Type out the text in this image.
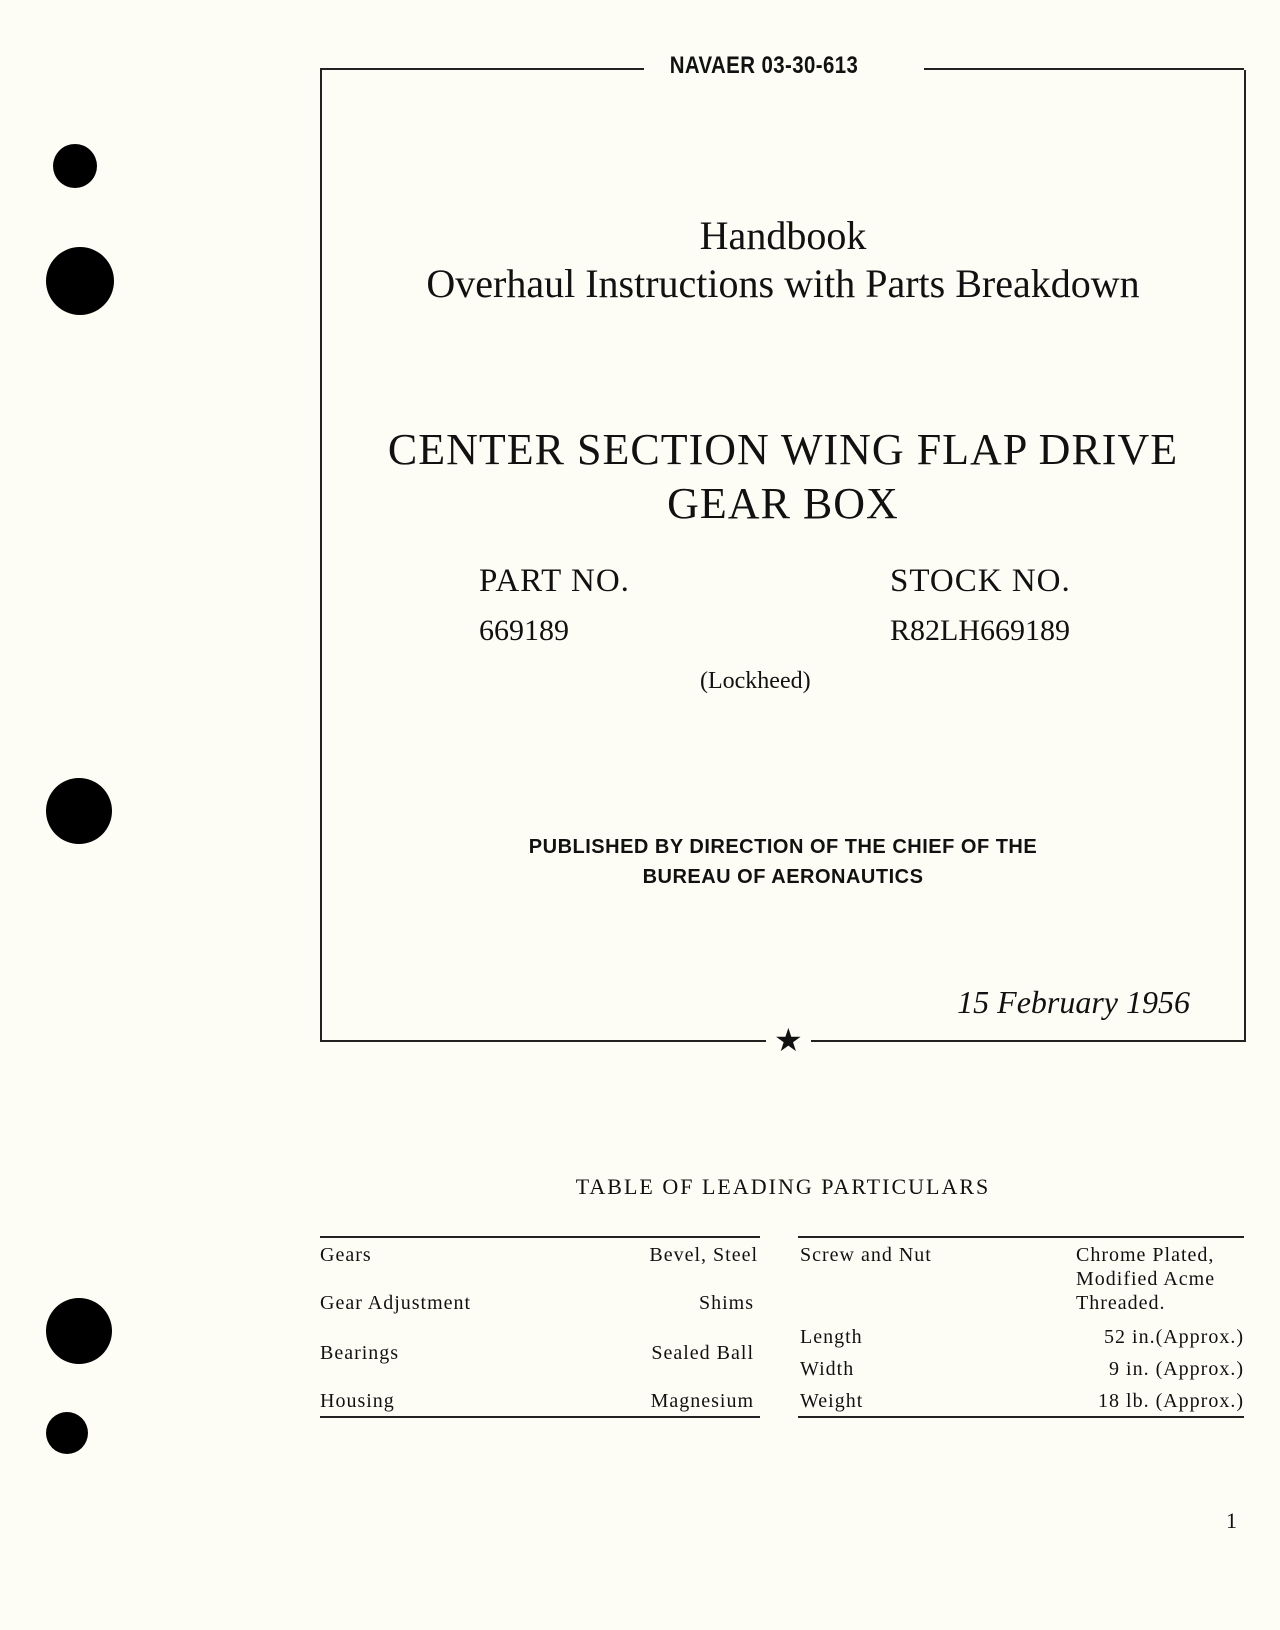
NAVAER 03-30-613
Handbook
Overhaul Instructions with Parts Breakdown
CENTER SECTION WING FLAP DRIVE
GEAR BOX
PART NO.
669189
STOCK NO.
R82LH669189
(Lockheed)
PUBLISHED BY DIRECTION OF THE CHIEF OF THE
BUREAU OF AERONAUTICS
15 February 1956
★
TABLE OF LEADING PARTICULARS
Gears	Bevel, Steel
Gear Adjustment	Shims
Bearings	Sealed Ball
Housing	Magnesium
Screw and Nut	Chrome Plated,
Modified Acme
Threaded.
Length	52 in.(Approx.)
Width	9 in. (Approx.)
Weight	18 lb. (Approx.)
1
